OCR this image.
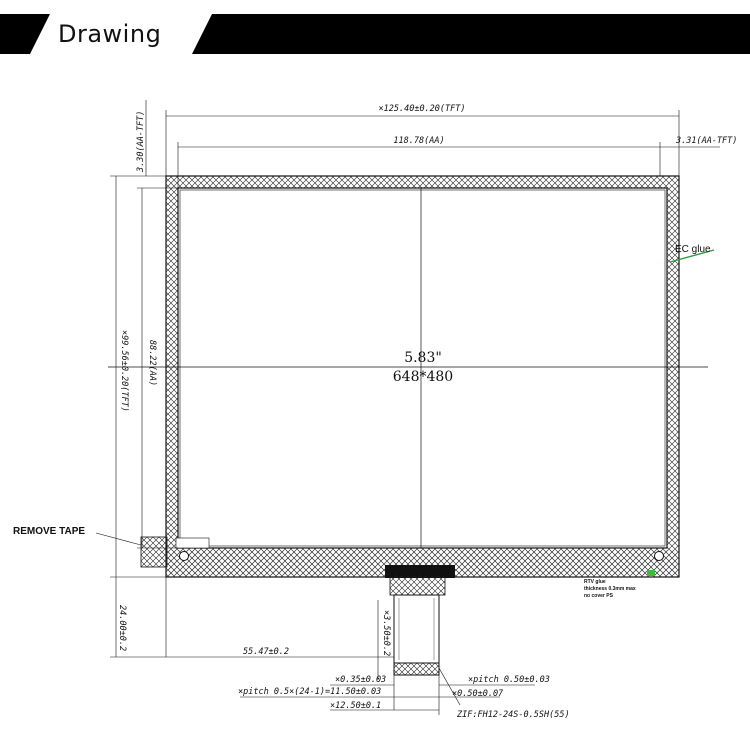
Drawing
×125.40±0.20(TFT)
118.78(AA)	3.31(AA-TFT)
3.30(AA-TFT)
88.22(AA)
×99.56±0.20(TFT)
24.00±0.2
55.47±0.2	×3.50±0.2
×0.35±0.03
×pitch 0.5×(24-1)=11.50±0.03
×12.50±0.1
×pitch 0.50±0.03
×0.50±0.07
ZIF:FH12-24S-0.5SH(55)
REMOVE TAPE
EC glue
RTV glue
thickness 0.3mm max
no cover PS
5.83"
648*480
